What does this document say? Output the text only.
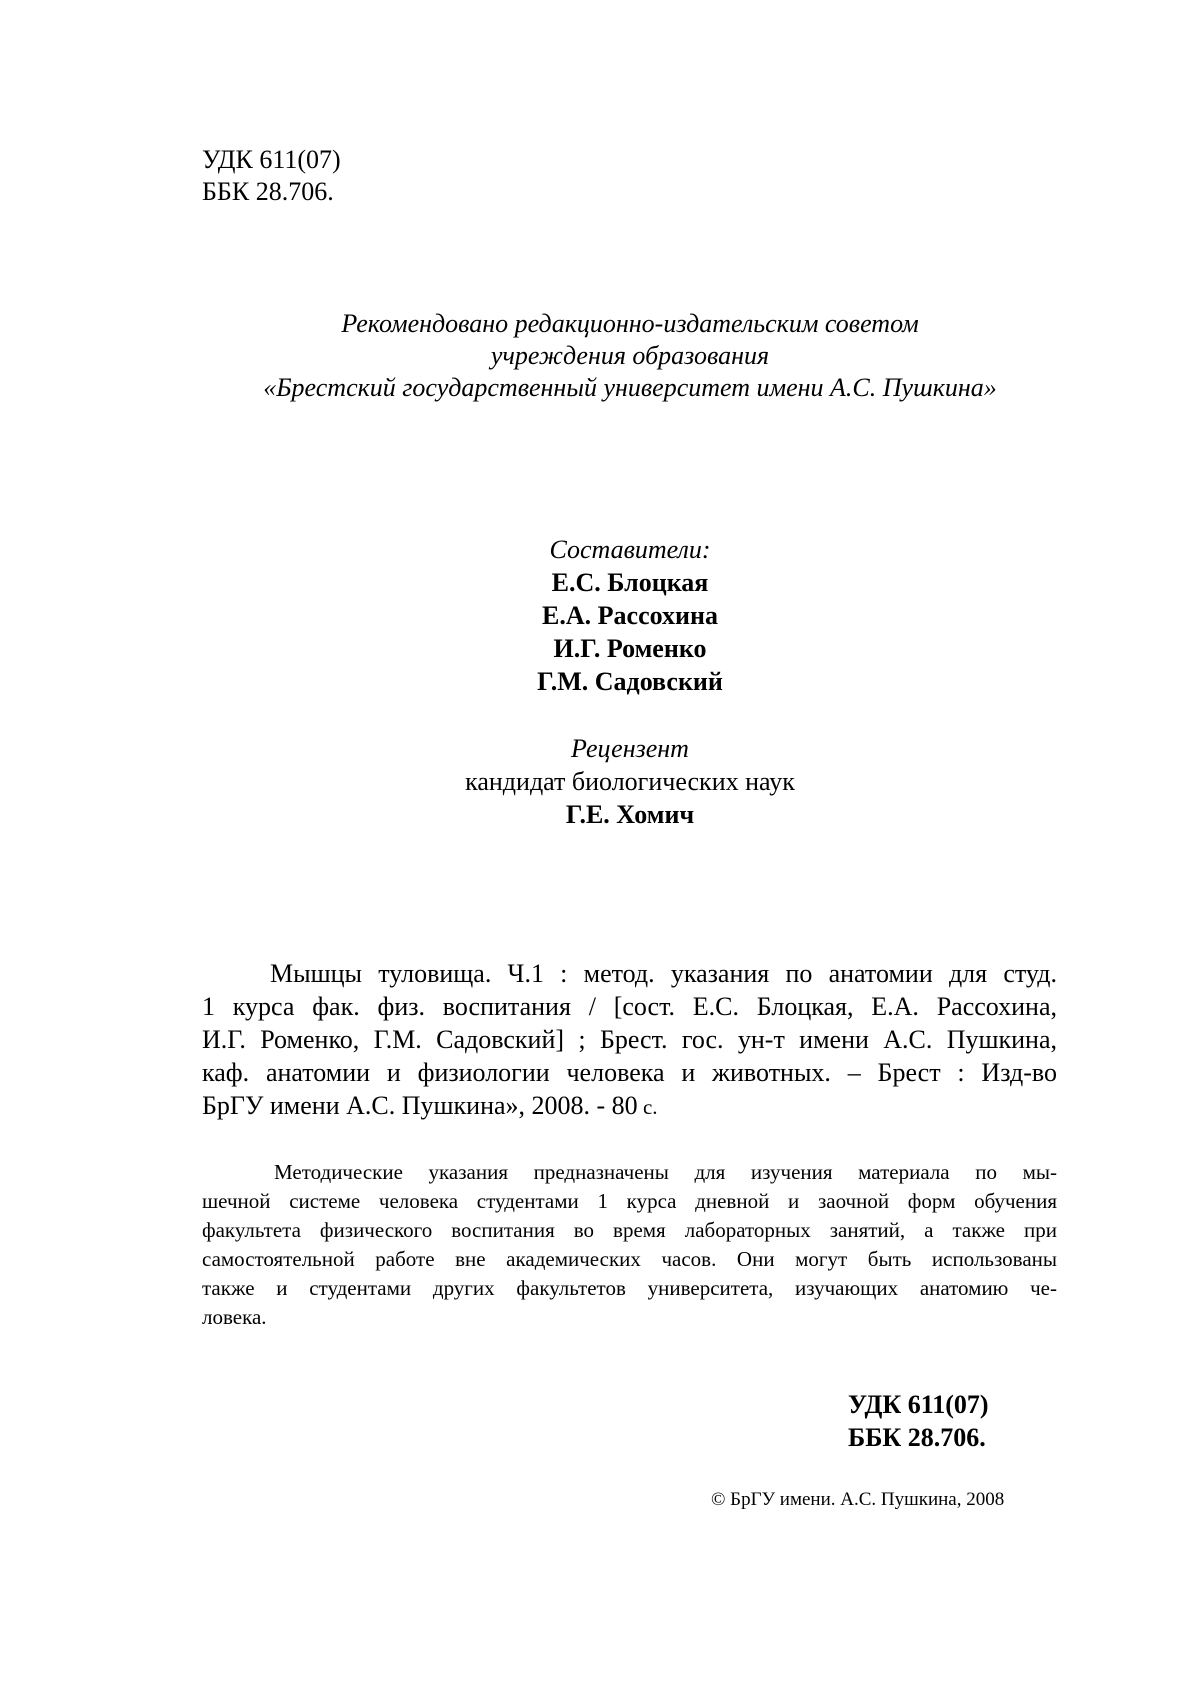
УДК 611(07)
ББК 28.706.
Рекомендовано редакционно-издательским советом
учреждения образования
«Брестский государственный университет имени А.С. Пушкина»
Составители:
Е.С. Блоцкая
Е.А. Рассохина
И.Г. Роменко
Г.М. Садовский
Рецензент
кандидат биологических наук
Г.Е. Хомич
Мышцы туловища. Ч.1 : метод. указания по анатомии для студ.
1 курса фак. физ. воспитания / [сост. Е.С. Блоцкая, Е.А. Рассохина,
И.Г. Роменко, Г.М. Садовский] ; Брест. гос. ун-т имени А.С. Пушкина,
каф. анатомии и физиологии человека и животных. – Брест : Изд-во
БрГУ имени А.С. Пушкина», 2008. - 80 с.
Методические указания предназначены для изучения материала по мы-
шечной системе человека студентами 1 курса дневной и заочной форм обучения
факультета физического воспитания во время лабораторных занятий, а также при
самостоятельной работе вне академических часов. Они могут быть использованы
также и студентами других факультетов университета, изучающих анатомию че-
ловека.
УДК 611(07)
ББК 28.706.
© БрГУ имени. А.С. Пушкина, 2008
